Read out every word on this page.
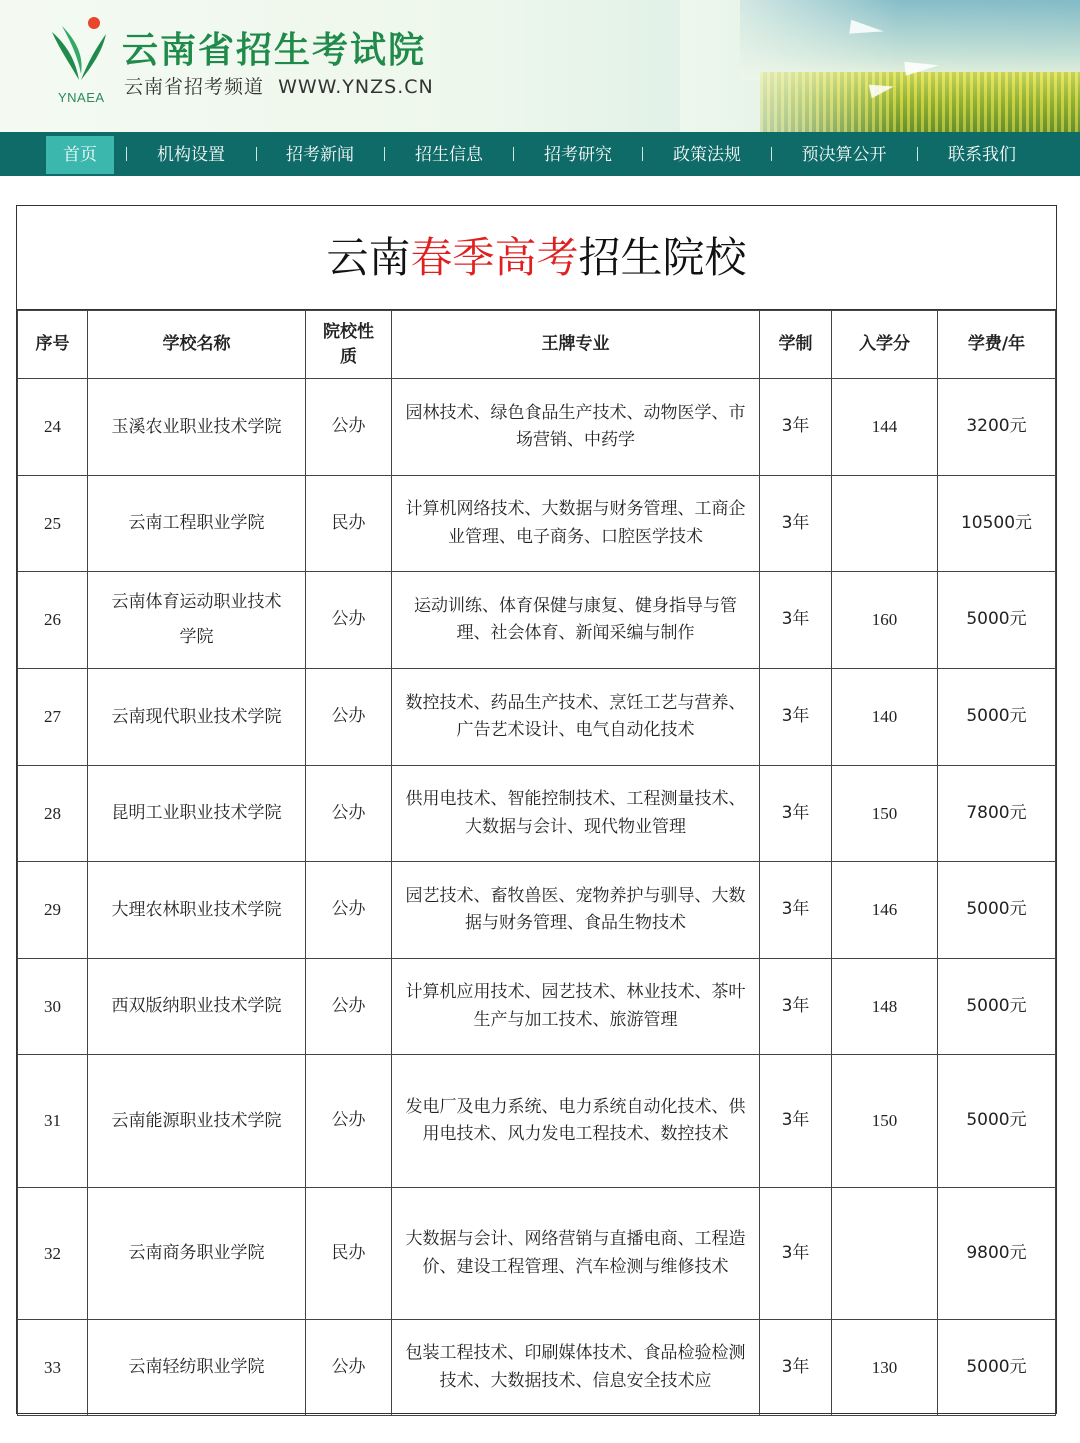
YNAEA
云南省招生考试院
云南省招考频道  WWW.YNZS.CN
首页	机构设置	招考新闻	招生信息	招考研究	政策法规	预决算公开	联系我们
云南春季高考招生院校
序号	学校名称	院校性质	王牌专业	学制	入学分	学费/年
24	玉溪农业职业技术学院	公办	园林技术、绿色食品生产技术、动物医学、市场营销、中药学	3年	144	3200元
25	云南工程职业学院	民办	计算机网络技术、大数据与财务管理、工商企业管理、电子商务、口腔医学技术	3年		10500元
26	云南体育运动职业技术学院	公办	运动训练、体育保健与康复、健身指导与管理、社会体育、新闻采编与制作	3年	160	5000元
27	云南现代职业技术学院	公办	数控技术、药品生产技术、烹饪工艺与营养、广告艺术设计、电气自动化技术	3年	140	5000元
28	昆明工业职业技术学院	公办	供用电技术、智能控制技术、工程测量技术、大数据与会计、现代物业管理	3年	150	7800元
29	大理农林职业技术学院	公办	园艺技术、畜牧兽医、宠物养护与驯导、大数据与财务管理、食品生物技术	3年	146	5000元
30	西双版纳职业技术学院	公办	计算机应用技术、园艺技术、林业技术、茶叶生产与加工技术、旅游管理	3年	148	5000元
31	云南能源职业技术学院	公办	发电厂及电力系统、电力系统自动化技术、供用电技术、风力发电工程技术、数控技术	3年	150	5000元
32	云南商务职业学院	民办	大数据与会计、网络营销与直播电商、工程造价、建设工程管理、汽车检测与维修技术	3年		9800元
33	云南轻纺职业学院	公办	包装工程技术、印刷媒体技术、食品检验检测技术、大数据技术、信息安全技术应	3年	130	5000元
